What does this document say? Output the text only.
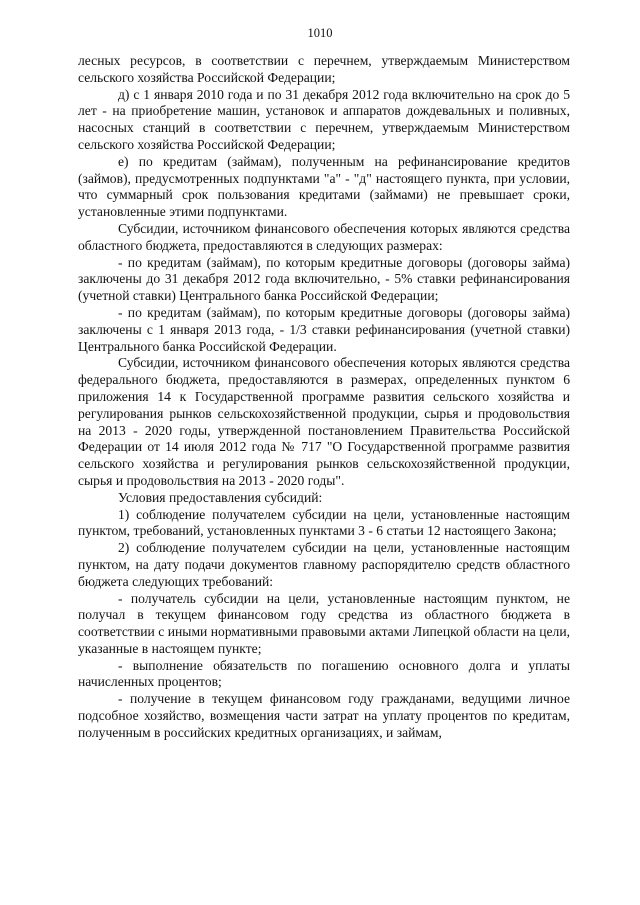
1010

лесных ресурсов, в соответствии с перечнем, утверждаемым Министерством сельского хозяйства Российской Федерации;

д) с 1 января 2010 года и по 31 декабря 2012 года включительно на срок до 5 лет - на приобретение машин, установок и аппаратов дождевальных и поливных, насосных станций в соответствии с перечнем, утверждаемым Министерством сельского хозяйства Российской Федерации;

е) по кредитам (займам), полученным на рефинансирование кредитов (займов), предусмотренных подпунктами "а" - "д" настоящего пункта, при условии, что суммарный срок пользования кредитами (займами) не превышает сроки, установленные этими подпунктами.

Субсидии, источником финансового обеспечения которых являются средства областного бюджета, предоставляются в следующих размерах:

- по кредитам (займам), по которым кредитные договоры (договоры займа) заключены до 31 декабря 2012 года включительно, - 5% ставки рефинансирования (учетной ставки) Центрального банка Российской Федерации;

- по кредитам (займам), по которым кредитные договоры (договоры займа) заключены с 1 января 2013 года, - 1/3 ставки рефинансирования (учетной ставки) Центрального банка Российской Федерации.

Субсидии, источником финансового обеспечения которых являются средства федерального бюджета, предоставляются в размерах, определенных пунктом 6 приложения 14 к Государственной программе развития сельского хозяйства и регулирования рынков сельскохозяйственной продукции, сырья и продовольствия на 2013 - 2020 годы, утвержденной постановлением Правительства Российской Федерации от 14 июля 2012 года № 717 "О Государственной программе развития сельского хозяйства и регулирования рынков сельскохозяйственной продукции, сырья и продовольствия на 2013 - 2020 годы".

Условия предоставления субсидий:

1) соблюдение получателем субсидии на цели, установленные настоящим пунктом, требований, установленных пунктами 3 - 6 статьи 12 настоящего Закона;

2) соблюдение получателем субсидии на цели, установленные настоящим пунктом, на дату подачи документов главному распорядителю средств областного бюджета следующих требований:

- получатель субсидии на цели, установленные настоящим пунктом, не получал в текущем финансовом году средства из областного бюджета в соответствии с иными нормативными правовыми актами Липецкой области на цели, указанные в настоящем пункте;

- выполнение обязательств по погашению основного долга и уплаты начисленных процентов;

- получение в текущем финансовом году гражданами, ведущими личное подсобное хозяйство, возмещения части затрат на уплату процентов по кредитам, полученным в российских кредитных организациях, и займам,
